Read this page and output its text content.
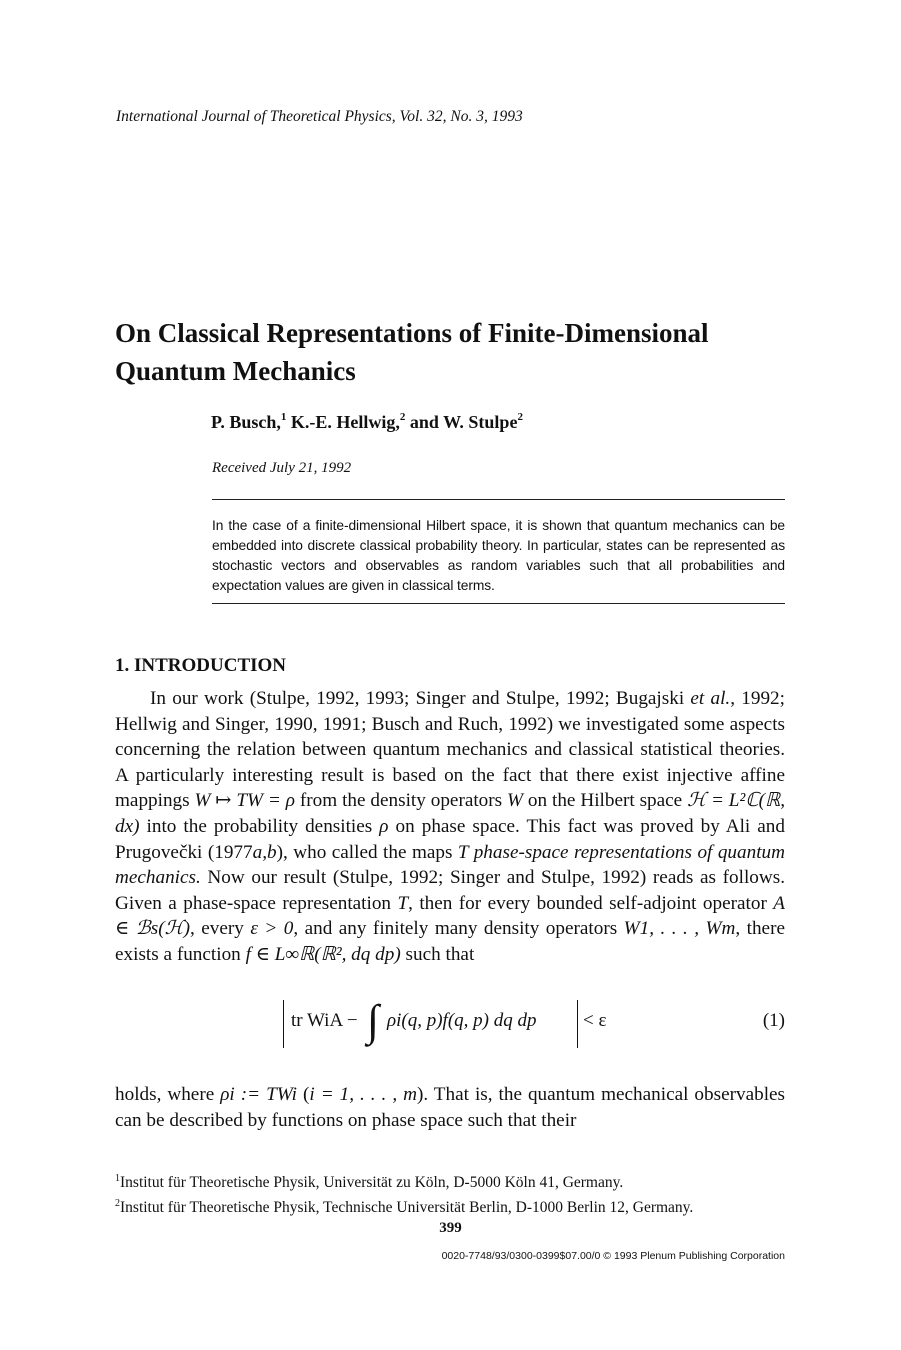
International Journal of Theoretical Physics, Vol. 32, No. 3, 1993
On Classical Representations of Finite-Dimensional
Quantum Mechanics
P. Busch,$^1$ K.-E. Hellwig,$^2$ and W. Stulpe$^2$
Received July 21, 1992
In the case of a finite-dimensional Hilbert space, it is shown that quantum mechanics can be embedded into discrete classical probability theory. In particular, states can be represented as stochastic vectors and observables as random variables such that all probabilities and expectation values are given in classical terms.
1. INTRODUCTION

In our work (Stulpe, 1992, 1993; Singer and Stulpe, 1992; Bugajski et al., 1992; Hellwig and Singer, 1990, 1991; Busch and Ruch, 1992) we investigated some aspects concerning the relation between quantum mechanics and classical statistical theories. A particularly interesting result is based on the fact that there exist injective affine mappings W ↦ TW = ρ from the density operators W on the Hilbert space ℋ = L²ℂ(ℝ, dx) into the probability densities ρ on phase space. This fact was proved by Ali and Prugovečki (1977a,b), who called the maps T phase-space representations of quantum mechanics. Now our result (Stulpe, 1992; Singer and Stulpe, 1992) reads as follows. Given a phase-space representation T, then for every bounded self-adjoint operator A ∈ ℬs(ℋ), every ε > 0, and any finitely many density operators W1, . . . , Wm, there exists a function f ∈ L∞ℝ(ℝ², dq dp) such that

tr WiA − ∫ ρi(q, p)f(q, p) dq dp < ε	(1)

holds, where ρi := TWi (i = 1, . . . , m). That is, the quantum mechanical observables can be described by functions on phase space such that their

$^1$Institut für Theoretische Physik, Universität zu Köln, D-5000 Köln 41, Germany.
$^2$Institut für Theoretische Physik, Technische Universität Berlin, D-1000 Berlin 12, Germany.
399
0020-7748/93/0300-0399$07.00/0 © 1993 Plenum Publishing Corporation
